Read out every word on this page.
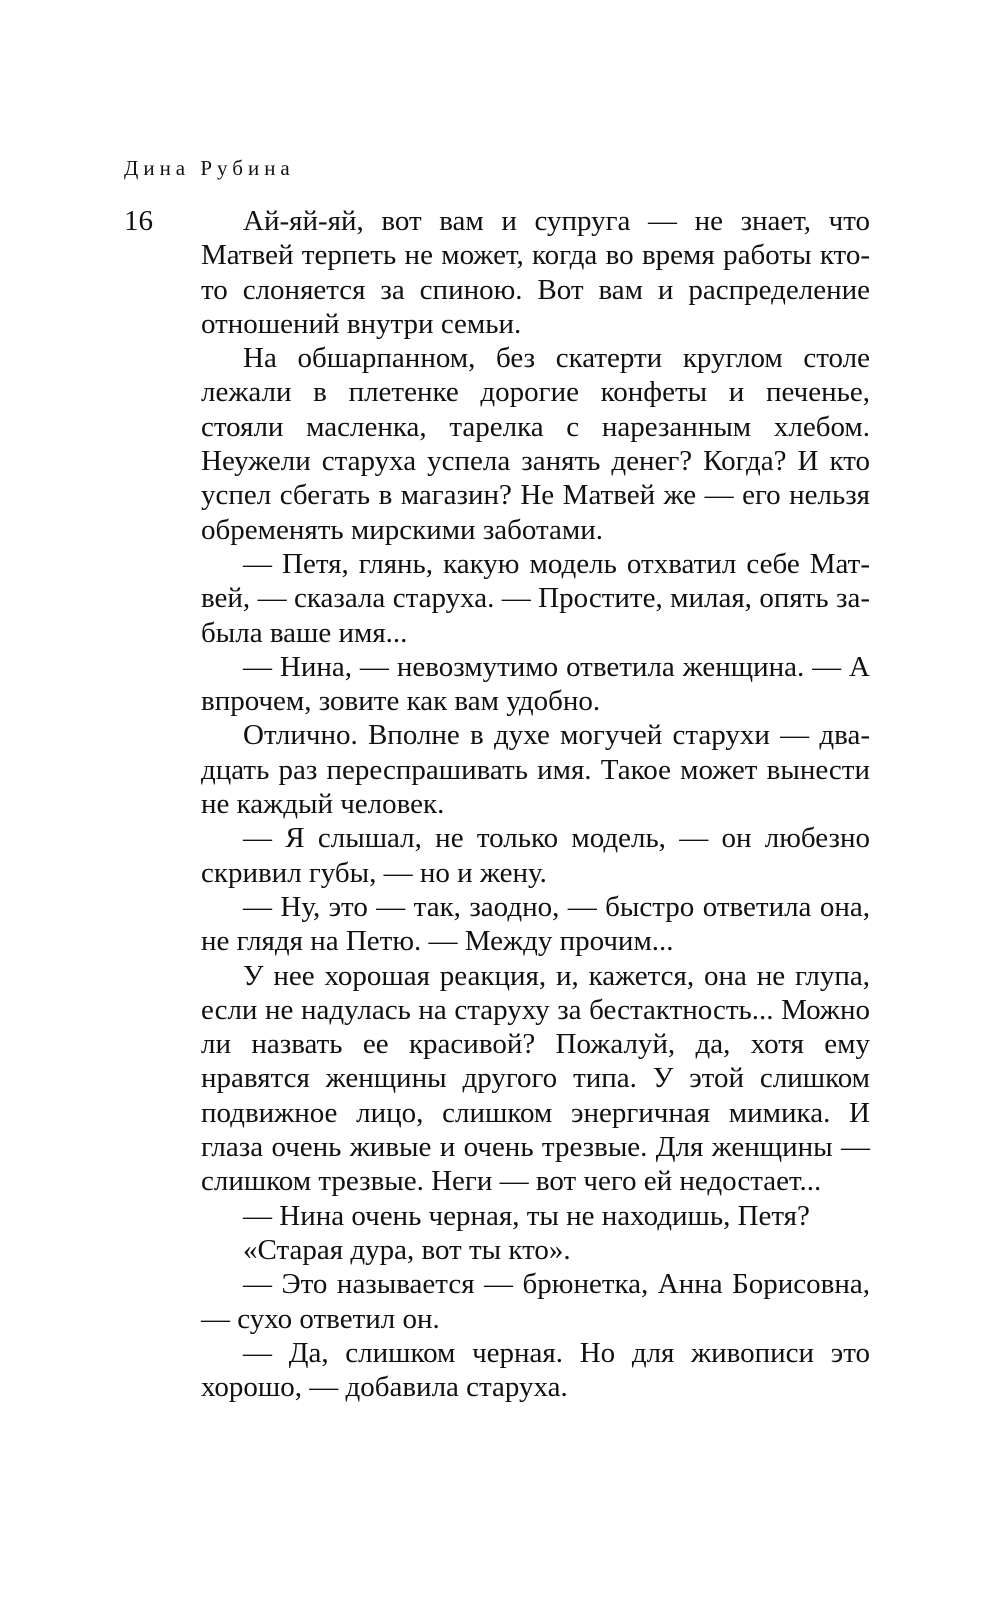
Дина Рубина
16	Ай-яй-яй, вот вам и супруга — не знает, что Матвей терпеть не может, когда во время работы кто-то слоняется за спиною. Вот вам и распределение отношений внутри семьи.

На обшарпанном, без скатерти круглом столе лежали в плетенке дорогие конфеты и печенье, стояли масленка, тарелка с нарезанным хлебом. Неужели старуха успела занять денег? Когда? И кто успел сбегать в магазин? Не Матвей же — его нельзя обременять мирскими заботами.

— Петя, глянь, какую модель отхватил себе Матвей, — сказала старуха. — Простите, милая, опять забыла ваше имя...

— Нина, — невозмутимо ответила женщина. — А впрочем, зовите как вам удобно.

Отлично. Вполне в духе могучей старухи — двадцать раз переспрашивать имя. Такое может вынести не каждый человек.

— Я слышал, не только модель, — он любезно скривил губы, — но и жену.

— Ну, это — так, заодно, — быстро ответила она, не глядя на Петю. — Между прочим...

У нее хорошая реакция, и, кажется, она не глупа, если не надулась на старуху за бестактность... Можно ли назвать ее красивой? Пожалуй, да, хотя ему нравятся женщины другого типа. У этой слишком подвижное лицо, слишком энергичная мимика. И глаза очень живые и очень трезвые. Для женщины — слишком трезвые. Неги — вот чего ей недостает...

— Нина очень черная, ты не находишь, Петя?

«Старая дура, вот ты кто».

— Это называется — брюнетка, Анна Борисовна, — сухо ответил он.

— Да, слишком черная. Но для живописи это хорошо, — добавила старуха.
